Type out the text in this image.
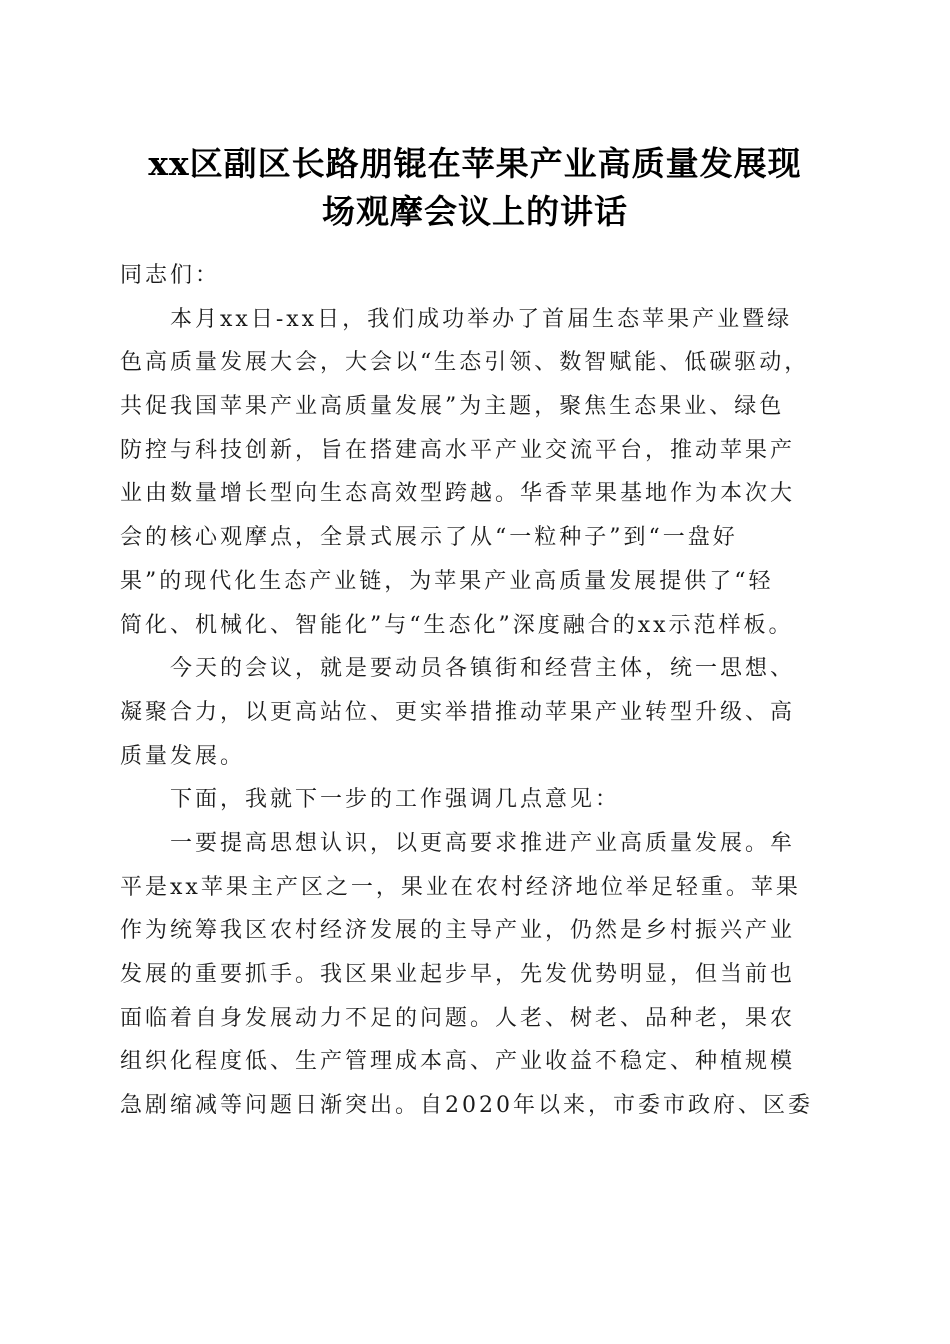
xx区副区长路朋锟在苹果产业高质量发展现
场观摩会议上的讲话
同志们：
本月xx日-xx日，我们成功举办了首届生态苹果产业暨绿
色高质量发展大会，大会以“生态引领、数智赋能、低碳驱动，
共促我国苹果产业高质量发展”为主题，聚焦生态果业、绿色
防控与科技创新，旨在搭建高水平产业交流平台，推动苹果产
业由数量增长型向生态高效型跨越。华香苹果基地作为本次大
会的核心观摩点，全景式展示了从“一粒种子”到“一盘好
果”的现代化生态产业链，为苹果产业高质量发展提供了“轻
简化、机械化、智能化”与“生态化”深度融合的xx示范样板。
今天的会议，就是要动员各镇街和经营主体，统一思想、
凝聚合力，以更高站位、更实举措推动苹果产业转型升级、高
质量发展。
下面，我就下一步的工作强调几点意见：
一要提高思想认识，以更高要求推进产业高质量发展。牟
平是xx苹果主产区之一，果业在农村经济地位举足轻重。苹果
作为统筹我区农村经济发展的主导产业，仍然是乡村振兴产业
发展的重要抓手。我区果业起步早，先发优势明显，但当前也
面临着自身发展动力不足的问题。人老、树老、品种老，果农
组织化程度低、生产管理成本高、产业收益不稳定、种植规模
急剧缩减等问题日渐突出。自2020年以来，市委市政府、区委
